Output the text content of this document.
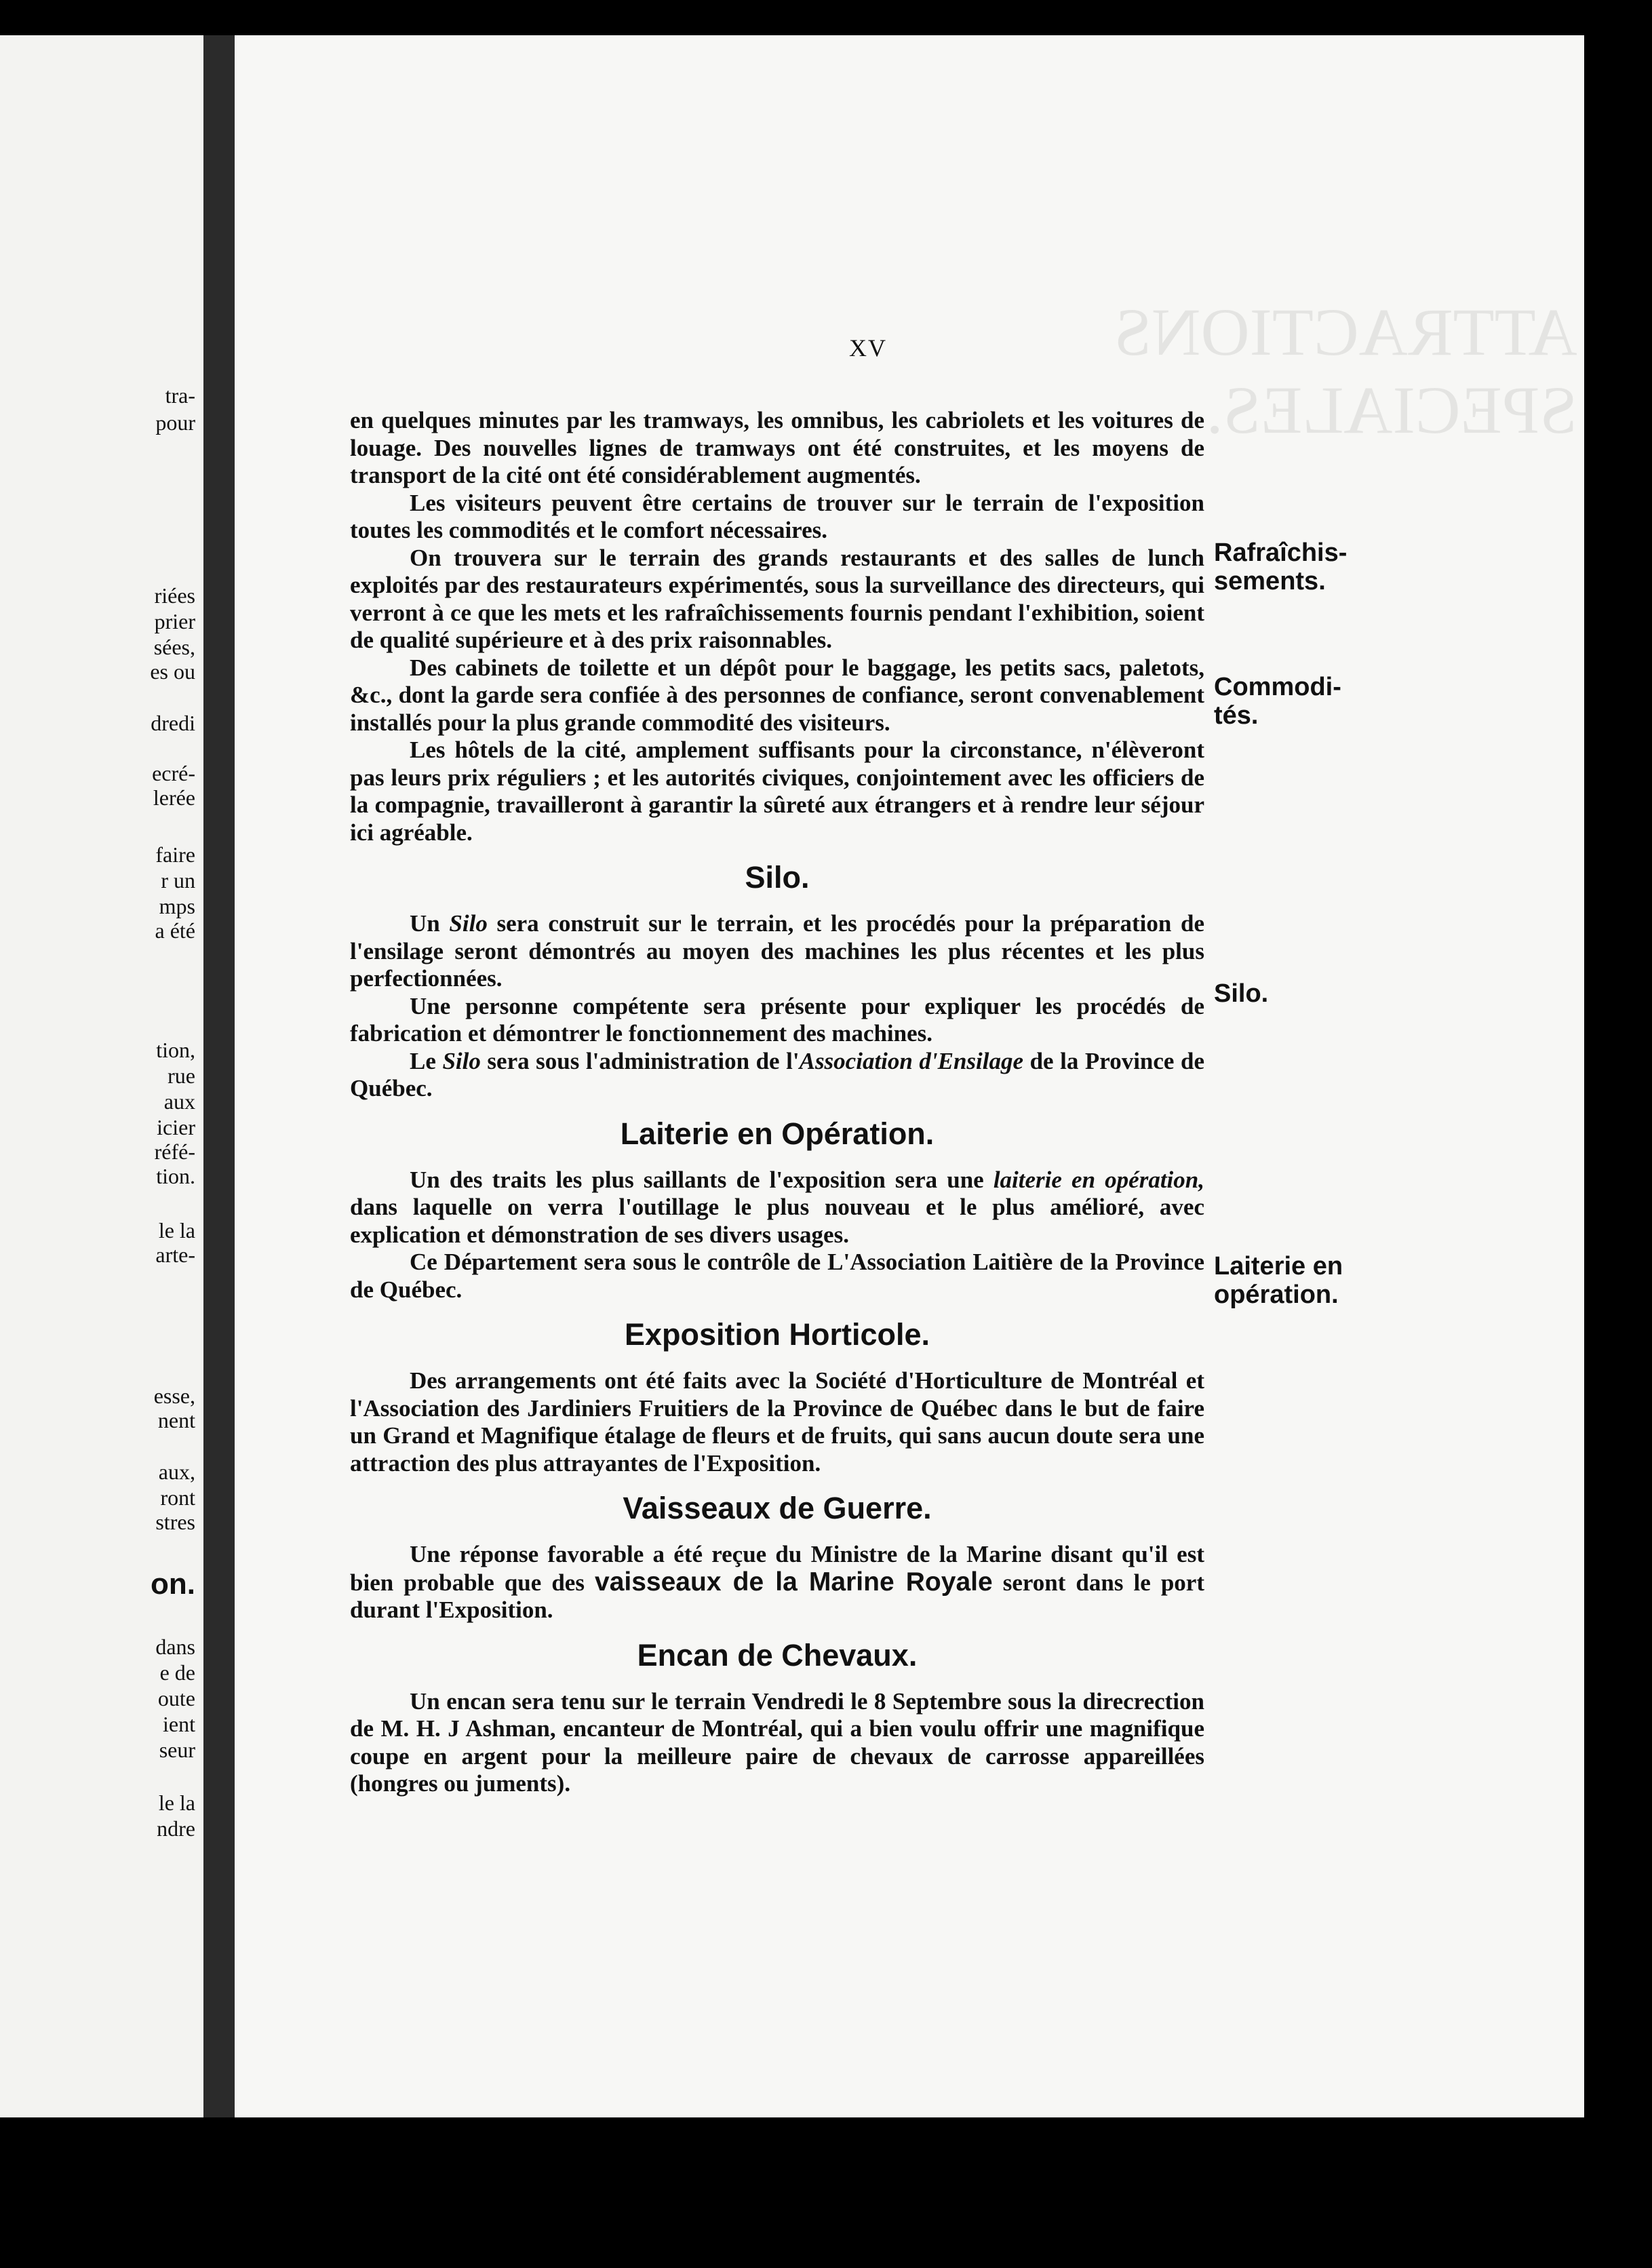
tra-
pour
riées
prier
sées,
es ou
dredi
ecré-
lerée
faire
r un
mps
a été
tion,
rue
aux
icier
réfé-
tion.
le la
arte-
esse,
nent
aux,
ront
stres
on.
dans
e de
oute
ient
seur
le la
ndre
ATTRACTIONS SPECIALES.
XV

en quelques minutes par les tramways, les omnibus, les cabriolets et les voitures de louage. Des nouvelles lignes de tramways ont été construites, et les moyens de transport de la cité ont été considérablement augmentés.

Les visiteurs peuvent être certains de trouver sur le terrain de l'exposition toutes les commodités et le comfort nécessaires.

On trouvera sur le terrain des grands restaurants et des salles de lunch exploités par des restaurateurs expérimentés, sous la surveillance des directeurs, qui verront à ce que les mets et les rafraîchissements fournis pendant l'exhibition, soient de qualité supérieure et à des prix raisonnables.

Des cabinets de toilette et un dépôt pour le baggage, les petits sacs, paletots, &c., dont la garde sera confiée à des personnes de confiance, seront convenablement installés pour la plus grande commodité des visiteurs.

Les hôtels de la cité, amplement suffisants pour la circonstance, n'élèveront pas leurs prix réguliers ; et les autorités civiques, conjointement avec les officiers de la compagnie, travailleront à garantir la sûreté aux étrangers et à rendre leur séjour ici agréable.

Silo.

Un Silo sera construit sur le terrain, et les procédés pour la préparation de l'ensilage seront démontrés au moyen des machines les plus récentes et les plus perfectionnées.

Une personne compétente sera présente pour expliquer les procédés de fabrication et démontrer le fonctionnement des machines.

Le Silo sera sous l'administration de l'Association d'Ensilage de la Province de Québec.

Laiterie en Opération.

Un des traits les plus saillants de l'exposition sera une laiterie en opération, dans laquelle on verra l'outillage le plus nouveau et le plus amélioré, avec explication et démonstration de ses divers usages.

Ce Département sera sous le contrôle de L'Association Laitière de la Province de Québec.

Exposition Horticole.

Des arrangements ont été faits avec la Société d'Horticulture de Montréal et l'Association des Jardiniers Fruitiers de la Province de Québec dans le but de faire un Grand et Magnifique étalage de fleurs et de fruits, qui sans aucun doute sera une attraction des plus attrayantes de l'Exposition.

Vaisseaux de Guerre.

Une réponse favorable a été reçue du Ministre de la Marine disant qu'il est bien probable que des vaisseaux de la Marine Royale seront dans le port durant l'Exposition.

Encan de Chevaux.

Un encan sera tenu sur le terrain Vendredi le 8 Septembre sous la direcrection de M. H. J Ashman, encanteur de Montréal, qui a bien voulu offrir une magnifique coupe en argent pour la meilleure paire de chevaux de carrosse appareillées (hongres ou juments).

Rafraîchis-sements.
Commodi-tés.
Silo.
Laiterie en opération.
